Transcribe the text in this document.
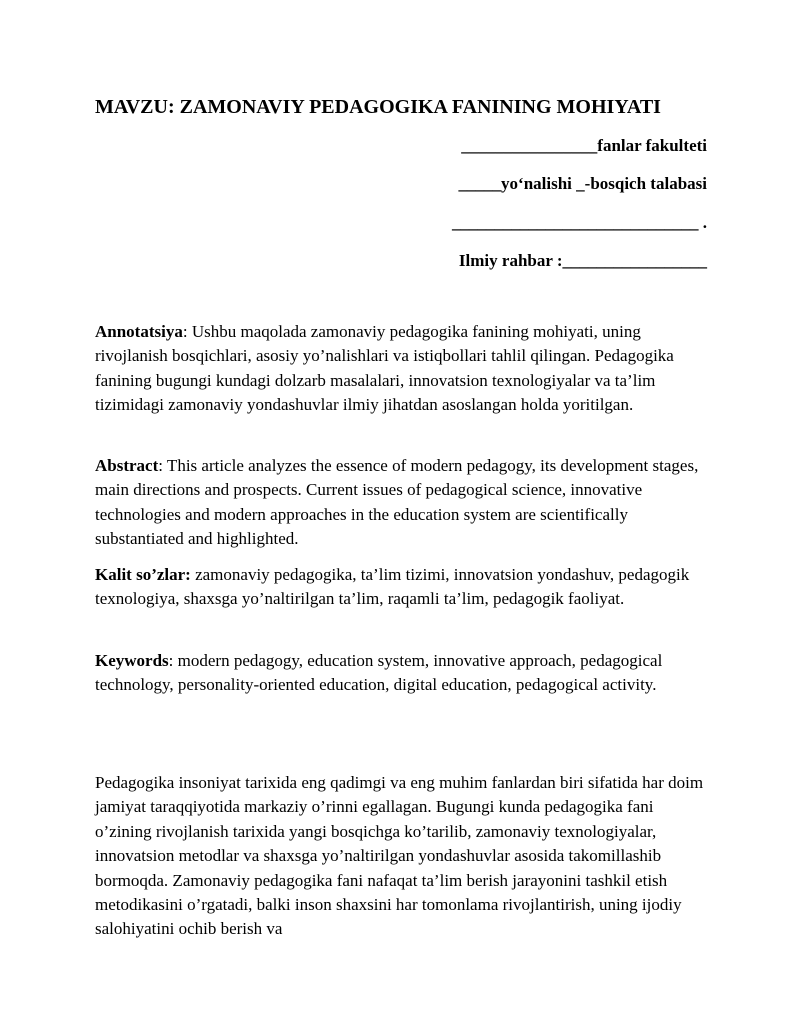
MAVZU: ZAMONAVIY PEDAGOGIKA FANINING MOHIYATI
________________fanlar fakulteti
_____yo‘nalishi _-bosqich talabasi
_____________________________ .
Ilmiy rahbar :_________________
Annotatsiya: Ushbu maqolada zamonaviy pedagogika fanining mohiyati, uning rivojlanish bosqichlari, asosiy yo’nalishlari va istiqbollari tahlil qilingan. Pedagogika fanining bugungi kundagi dolzarb masalalari, innovatsion texnologiyalar va ta’lim tizimidagi zamonaviy yondashuvlar ilmiy jihatdan asoslangan holda yoritilgan.
Abstract: This article analyzes the essence of modern pedagogy, its development stages, main directions and prospects. Current issues of pedagogical science, innovative technologies and modern approaches in the education system are scientifically substantiated and highlighted.
Kalit so’zlar: zamonaviy pedagogika, ta’lim tizimi, innovatsion yondashuv, pedagogik texnologiya, shaxsga yo’naltirilgan ta’lim, raqamli ta’lim, pedagogik faoliyat.
Keywords: modern pedagogy, education system, innovative approach, pedagogical technology, personality-oriented education, digital education, pedagogical activity.
Pedagogika insoniyat tarixida eng qadimgi va eng muhim fanlardan biri sifatida har doim jamiyat taraqqiyotida markaziy o’rinni egallagan. Bugungi kunda pedagogika fani o’zining rivojlanish tarixida yangi bosqichga ko’tarilib, zamonaviy texnologiyalar, innovatsion metodlar va shaxsga yo’naltirilgan yondashuvlar asosida takomillashib bormoqda. Zamonaviy pedagogika fani nafaqat ta’lim berish jarayonini tashkil etish metodikasini o’rgatadi, balki inson shaxsini har tomonlama rivojlantirish, uning ijodiy salohiyatini ochib berish va
